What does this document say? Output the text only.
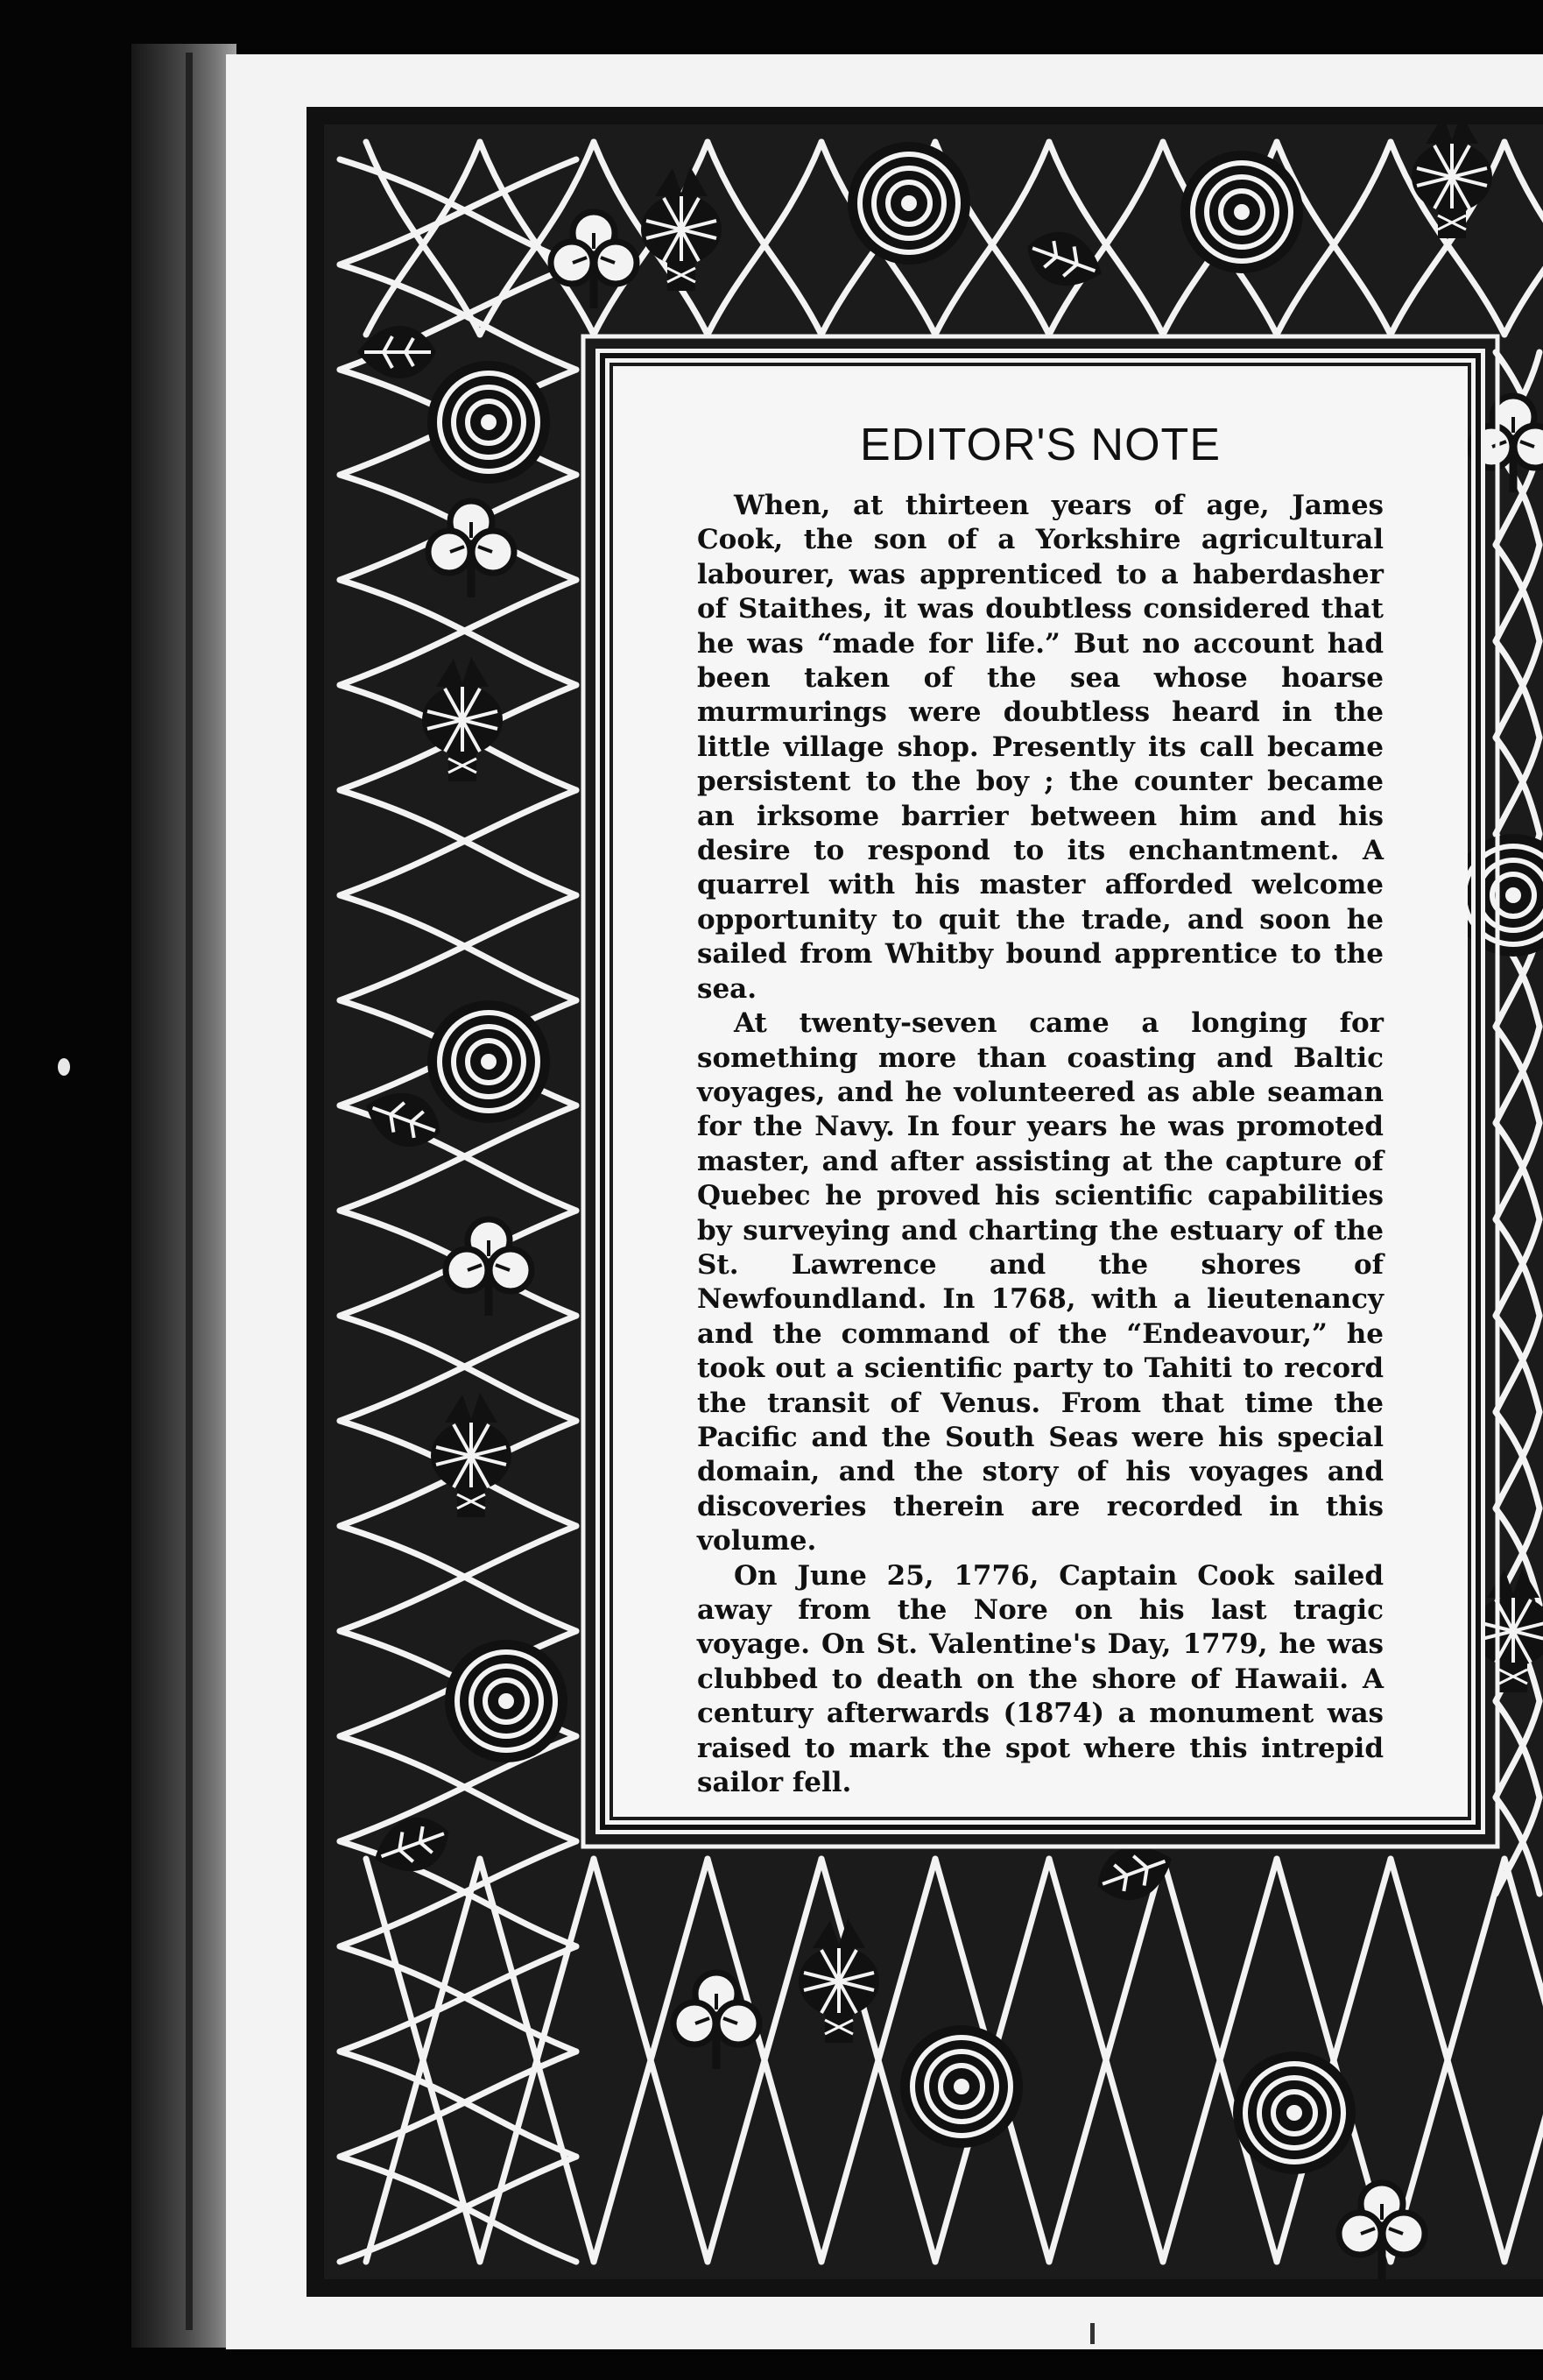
EDITOR'S NOTE

When, at thirteen years of age, James Cook, the son of a Yorkshire agricultural labourer, was apprenticed to a haberdasher of Staithes, it was doubtless considered that he was “made for life.” But no account had been taken of the sea whose hoarse murmurings were doubtless heard in the little village shop. Presently its call became persistent to the boy ; the counter became an irksome barrier between him and his desire to respond to its enchantment. A quarrel with his master afforded welcome opportunity to quit the trade, and soon he sailed from Whitby bound apprentice to the sea.

At twenty-seven came a longing for something more than coasting and Baltic voyages, and he volunteered as able seaman for the Navy. In four years he was promoted master, and after assisting at the capture of Quebec he proved his scientific capabilities by surveying and charting the estuary of the St. Lawrence and the shores of Newfoundland. In 1768, with a lieutenancy and the command of the “Endeavour,” he took out a scientific party to Tahiti to record the transit of Venus. From that time the Pacific and the South Seas were his special domain, and the story of his voyages and discoveries therein are recorded in this volume.

On June 25, 1776, Captain Cook sailed away from the Nore on his last tragic voyage. On St. Valentine's Day, 1779, he was clubbed to death on the shore of Hawaii. A century afterwards (1874) a monument was raised to mark the spot where this intrepid sailor fell.
